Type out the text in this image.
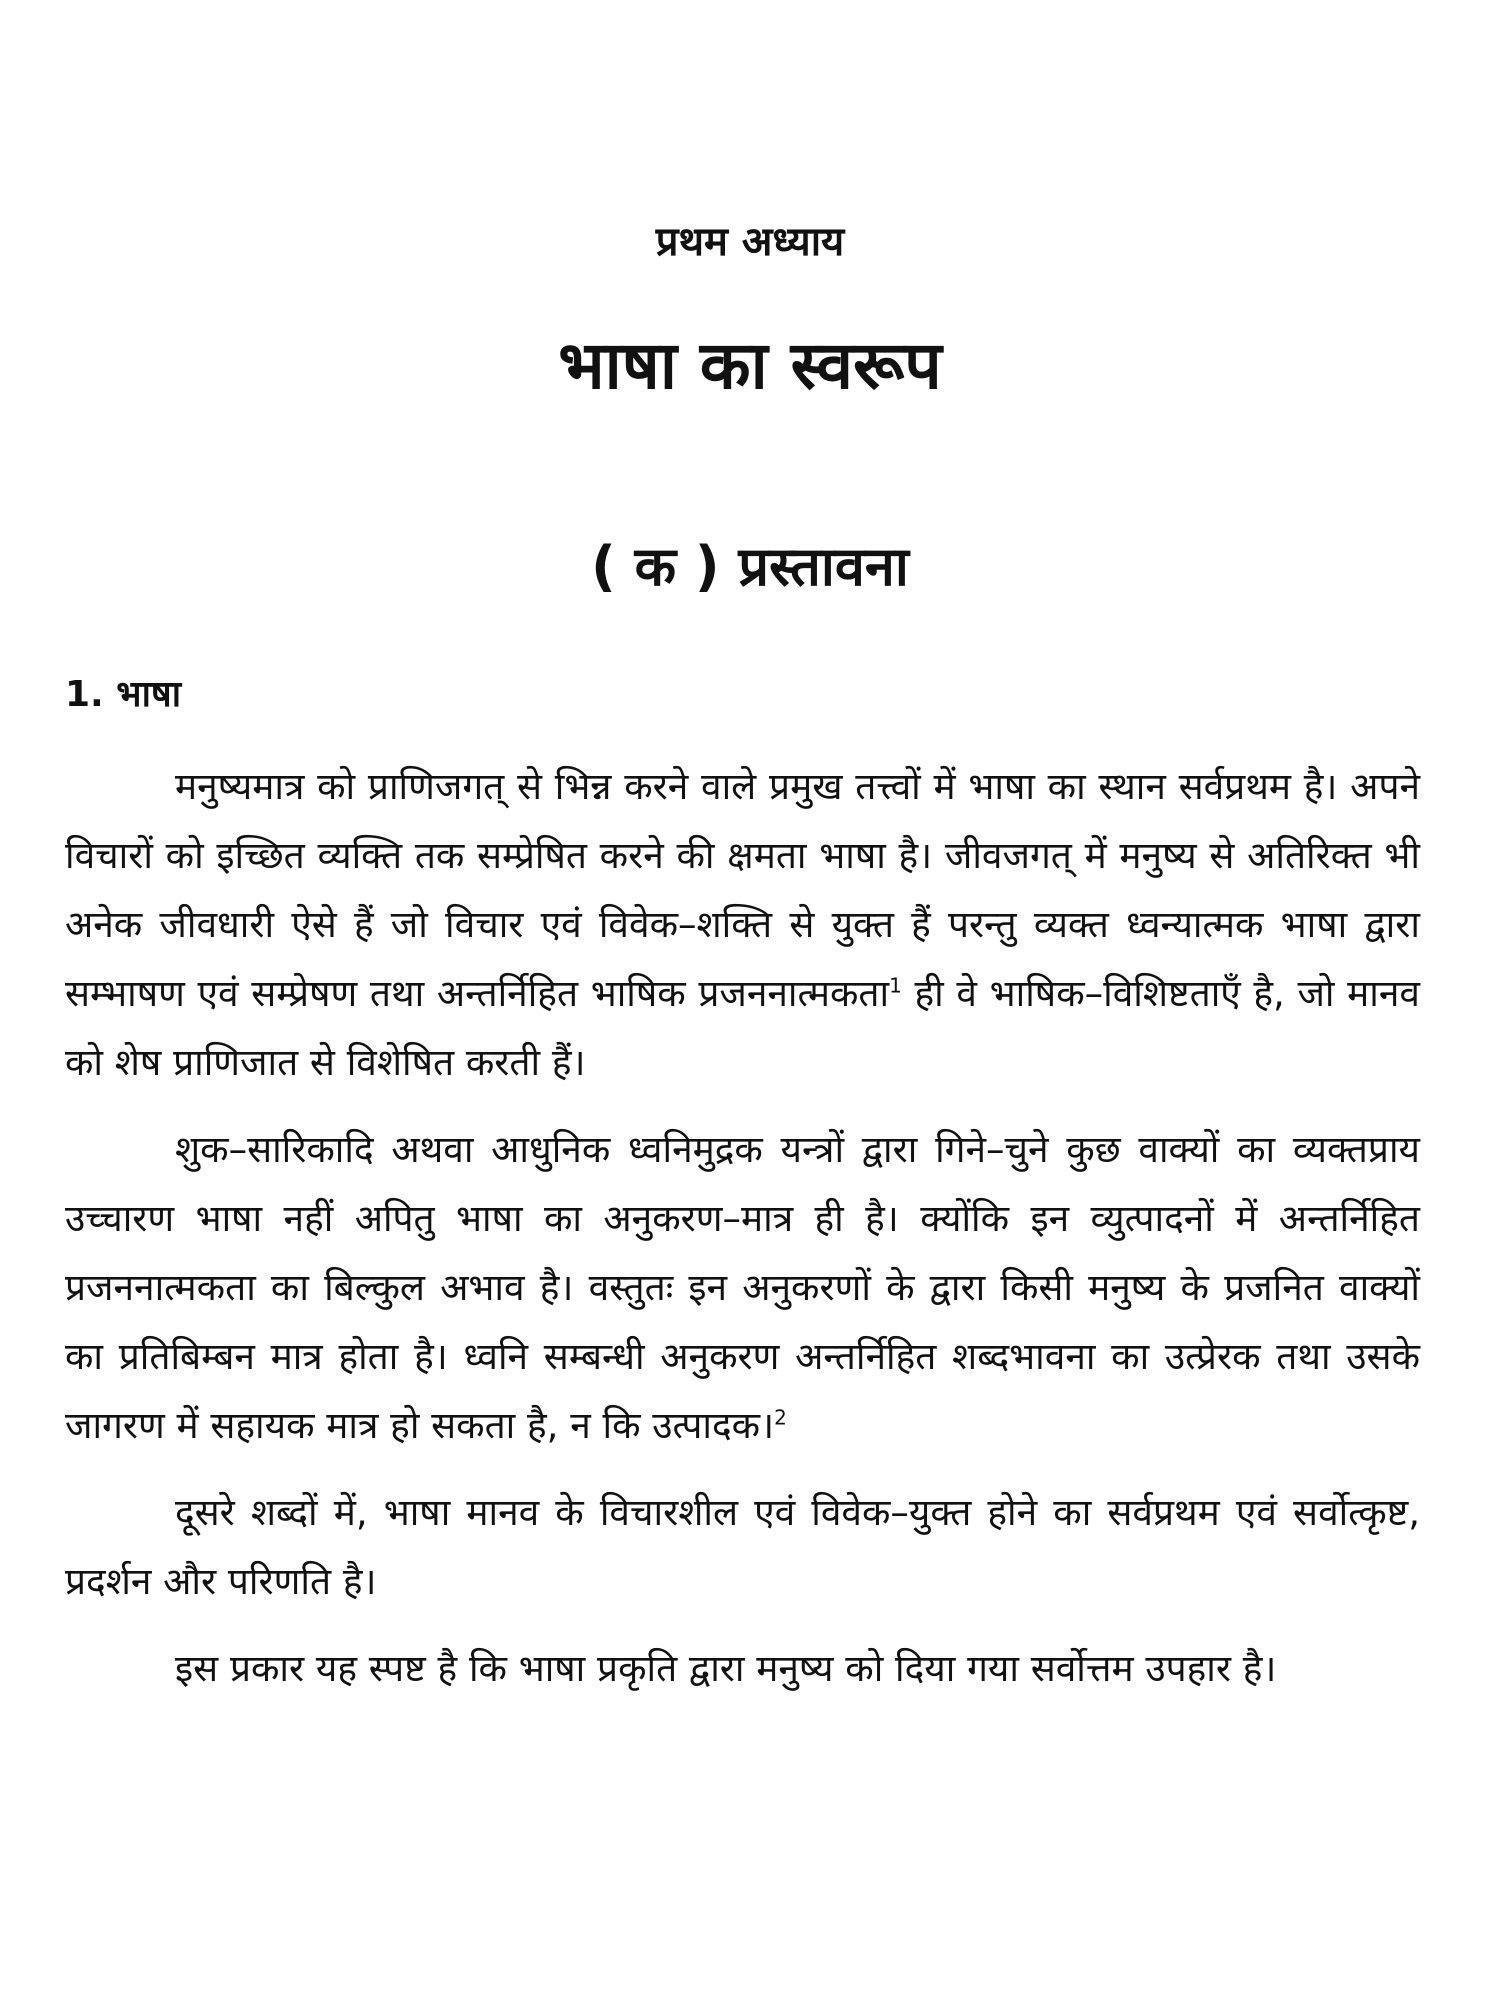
प्रथम अध्याय
भाषा का स्वरूप
( क ) प्रस्तावना
1. भाषा

मनुष्यमात्र को प्राणिजगत् से भिन्न करने वाले प्रमुख तत्त्वों में भाषा का स्थान सर्वप्रथम है। अपने विचारों को इच्छित व्यक्ति तक सम्प्रेषित करने की क्षमता भाषा है। जीवजगत् में मनुष्य से अतिरिक्त भी अनेक जीवधारी ऐसे हैं जो विचार एवं विवेक–शक्ति से युक्त हैं परन्तु व्यक्त ध्वन्यात्मक भाषा द्वारा सम्भाषण एवं सम्प्रेषण तथा अन्तर्निहित भाषिक प्रजननात्मकता$^1$ ही वे भाषिक–विशिष्टताएँ है, जो मानव को शेष प्राणिजात से विशेषित करती हैं।

शुक–सारिकादि अथवा आधुनिक ध्वनिमुद्रक यन्त्रों द्वारा गिने–चुने कुछ वाक्यों का व्यक्तप्राय उच्चारण भाषा नहीं अपितु भाषा का अनुकरण–मात्र ही है। क्योंकि इन व्युत्पादनों में अन्तर्निहित प्रजननात्मकता का बिल्कुल अभाव है। वस्तुतः इन अनुकरणों के द्वारा किसी मनुष्य के प्रजनित वाक्यों का प्रतिबिम्बन मात्र होता है। ध्वनि सम्बन्धी अनुकरण अन्तर्निहित शब्दभावना का उत्प्रेरक तथा उसके जागरण में सहायक मात्र हो सकता है, न कि उत्पादक।$^2$

दूसरे शब्दों में, भाषा मानव के विचारशील एवं विवेक–युक्त होने का सर्वप्रथम एवं सर्वोत्कृष्ट, प्रदर्शन और परिणति है।

इस प्रकार यह स्पष्ट है कि भाषा प्रकृति द्वारा मनुष्य को दिया गया सर्वोत्तम उपहार है।
